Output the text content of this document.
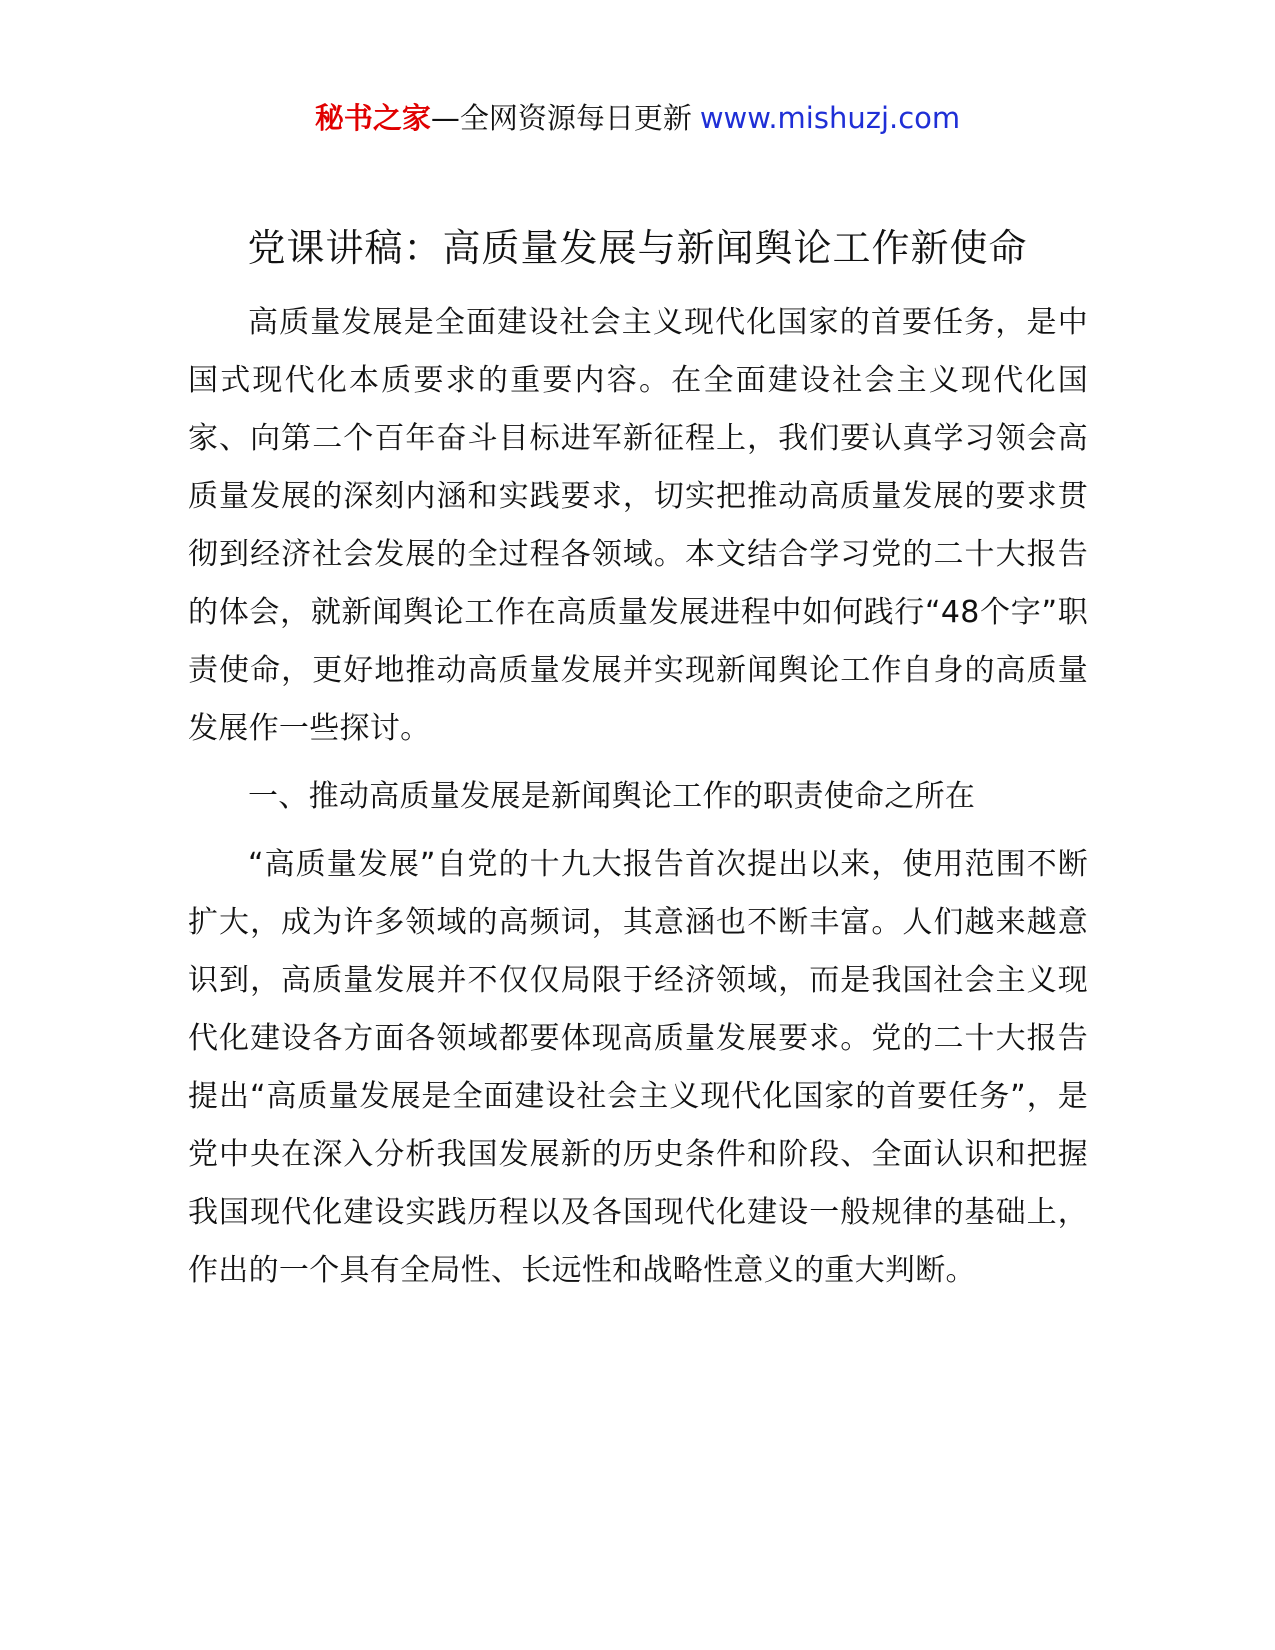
秘书之家—全网资源每日更新 www.mishuzj.com
党课讲稿：高质量发展与新闻舆论工作新使命

高质量发展是全面建设社会主义现代化国家的首要任务，是中国式现代化本质要求的重要内容。在全面建设社会主义现代化国家、向第二个百年奋斗目标进军新征程上，我们要认真学习领会高质量发展的深刻内涵和实践要求，切实把推动高质量发展的要求贯彻到经济社会发展的全过程各领域。本文结合学习党的二十大报告的体会，就新闻舆论工作在高质量发展进程中如何践行“48个字”职责使命，更好地推动高质量发展并实现新闻舆论工作自身的高质量发展作一些探讨。

一、推动高质量发展是新闻舆论工作的职责使命之所在

“高质量发展”自党的十九大报告首次提出以来，使用范围不断扩大，成为许多领域的高频词，其意涵也不断丰富。人们越来越意识到，高质量发展并不仅仅局限于经济领域，而是我国社会主义现代化建设各方面各领域都要体现高质量发展要求。党的二十大报告提出“高质量发展是全面建设社会主义现代化国家的首要任务”，是党中央在深入分析我国发展新的历史条件和阶段、全面认识和把握我国现代化建设实践历程以及各国现代化建设一般规律的基础上，作出的一个具有全局性、长远性和战略性意义的重大判断。
